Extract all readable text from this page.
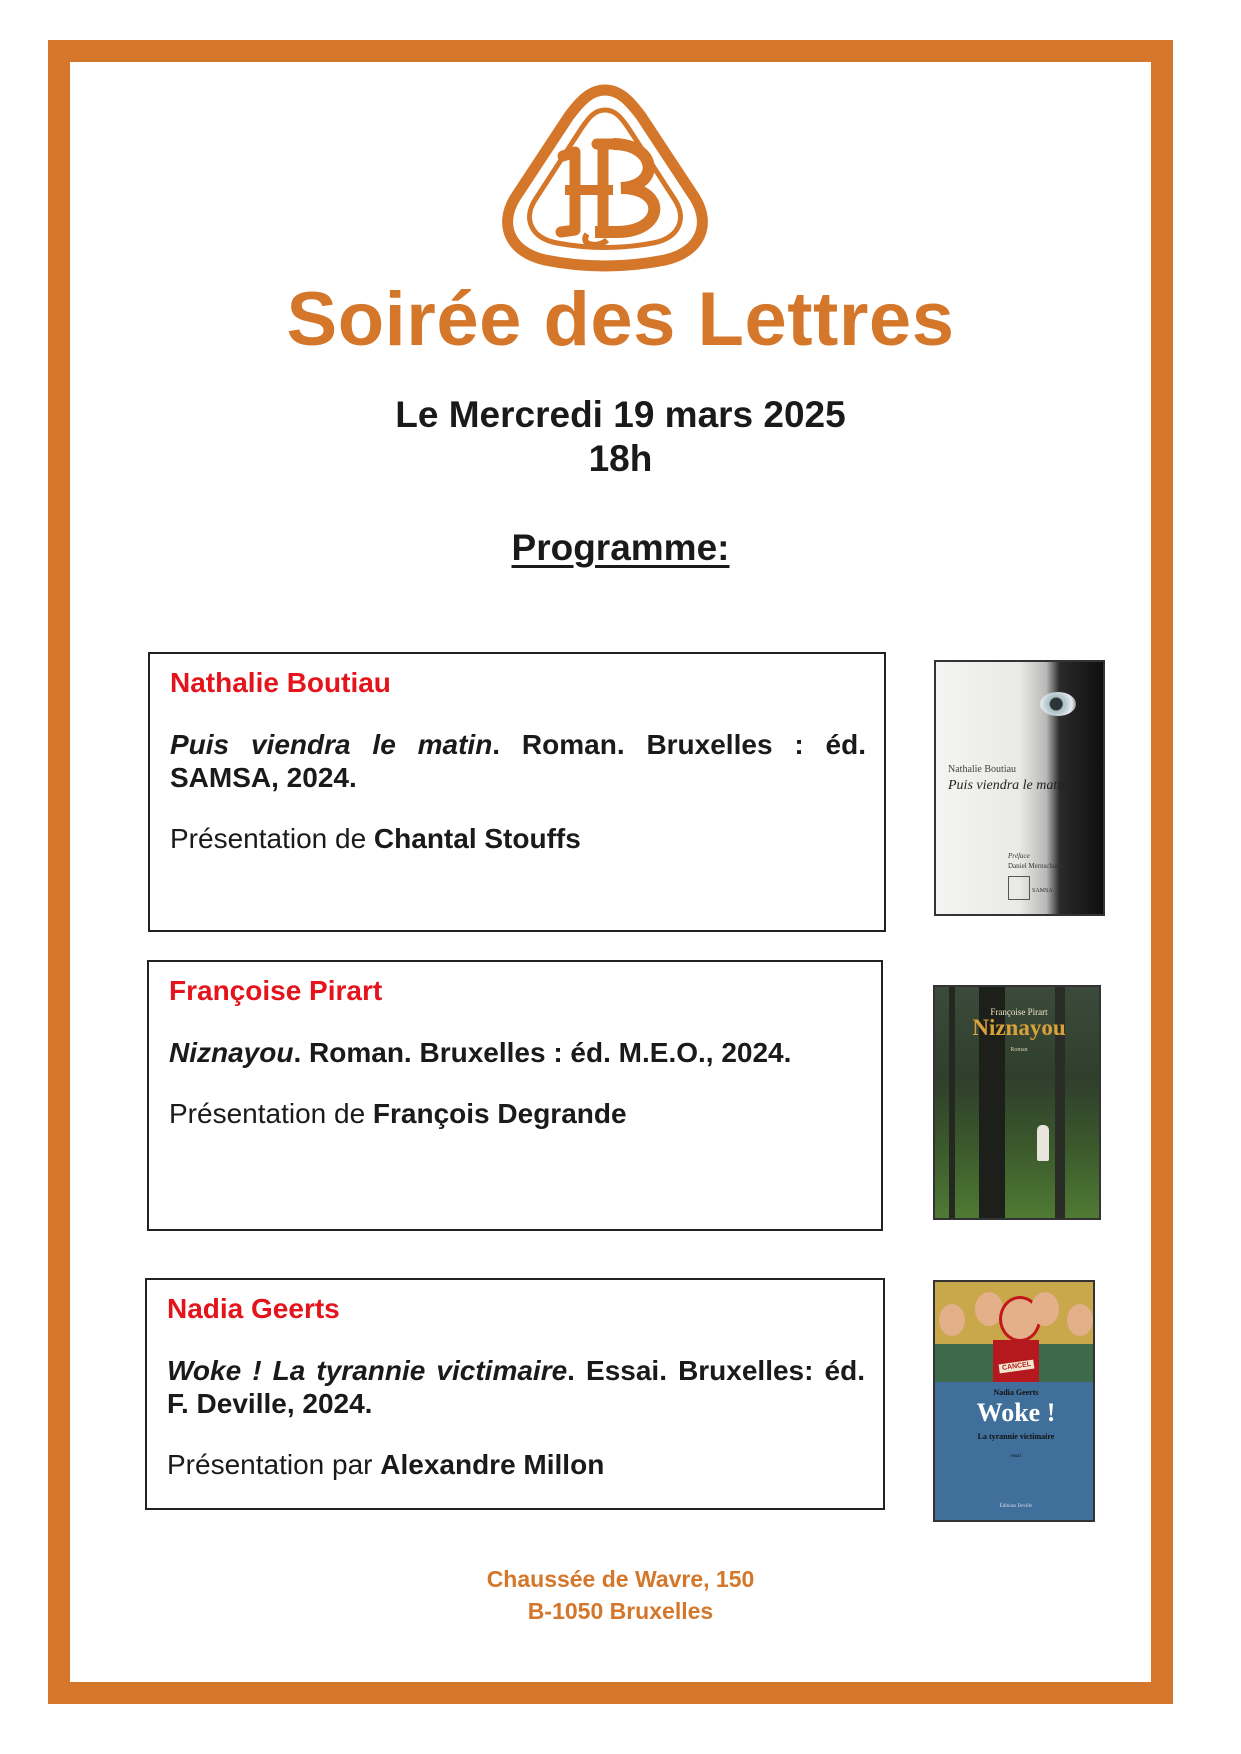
Soirée des Lettres
Le Mercredi 19 mars 2025
18h
Programme:

Nathalie Boutiau

Puis viendra le matin. Roman. Bruxelles : éd. SAMSA, 2024.

Présentation de Chantal Stouffs

Nathalie Boutiau
Puis viendra le matin
Préface
Daniel Mernschaert
SAMSA

Françoise Pirart

Niznayou. Roman. Bruxelles : éd. M.E.O., 2024.

Présentation de François Degrande

Françoise Pirart
Niznayou
Roman

Nadia Geerts

Woke ! La tyrannie victimaire. Essai. Bruxelles: éd. F. Deville, 2024.

Présentation par Alexandre Millon

CANCEL
Nadia Geerts
Woke !
La tyrannie victimaire
essai
Éditions Deville
Chaussée de Wavre, 150
B-1050 Bruxelles
